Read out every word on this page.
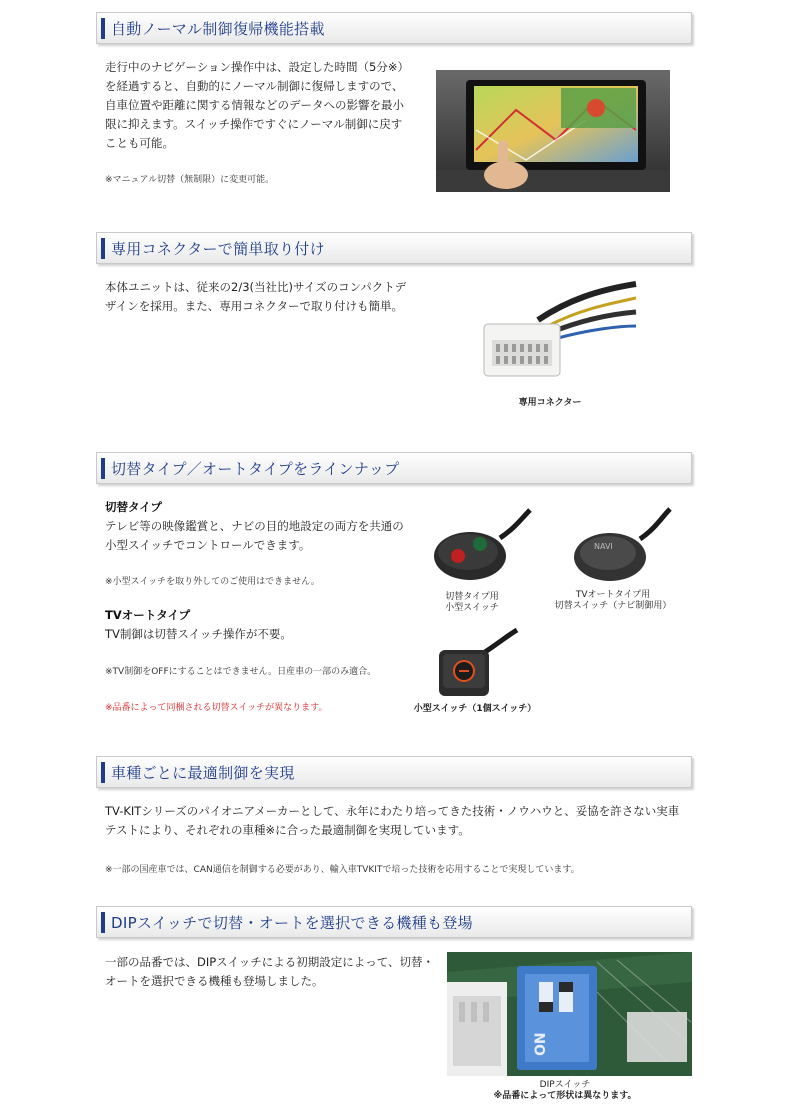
自動ノーマル制御復帰機能搭載
走行中のナビゲーション操作中は、設定した時間（5分※）を経過すると、自動的にノーマル制御に復帰しますので、自車位置や距離に関する情報などのデータへの影響を最小限に抑えます。スイッチ操作ですぐにノーマル制御に戻すことも可能。
※マニュアル切替（無制限）に変更可能。
専用コネクターで簡単取り付け
本体ユニットは、従来の2/3(当社比)サイズのコンパクトデザインを採用。また、専用コネクターで取り付けも簡単。
専用コネクター
切替タイプ／オートタイプをラインナップ
切替タイプ
テレビ等の映像鑑賞と、ナビの目的地設定の両方を共通の小型スイッチでコントロールできます。
※小型スイッチを取り外してのご使用はできません。
TVオートタイプ
TV制御は切替スイッチ操作が不要。
※TV制御をOFFにすることはできません。日産車の一部のみ適合。
※品番によって同梱される切替スイッチが異なります。
切替タイプ用
小型スイッチ
NAVI
TVオートタイプ用
切替スイッチ（ナビ制御用）
小型スイッチ（1個スイッチ）
車種ごとに最適制御を実現
TV-KITシリーズのパイオニアメーカーとして、永年にわたり培ってきた技術・ノウハウと、妥協を許さない実車テストにより、それぞれの車種※に合った最適制御を実現しています。
※一部の国産車では、CAN通信を制御する必要があり、輸入車TVKITで培った技術を応用することで実現しています。
DIPスイッチで切替・オートを選択できる機種も登場
一部の品番では、DIPスイッチによる初期設定によって、切替・オートを選択できる機種も登場しました。
ON
DIPスイッチ
※品番によって形状は異なります。
